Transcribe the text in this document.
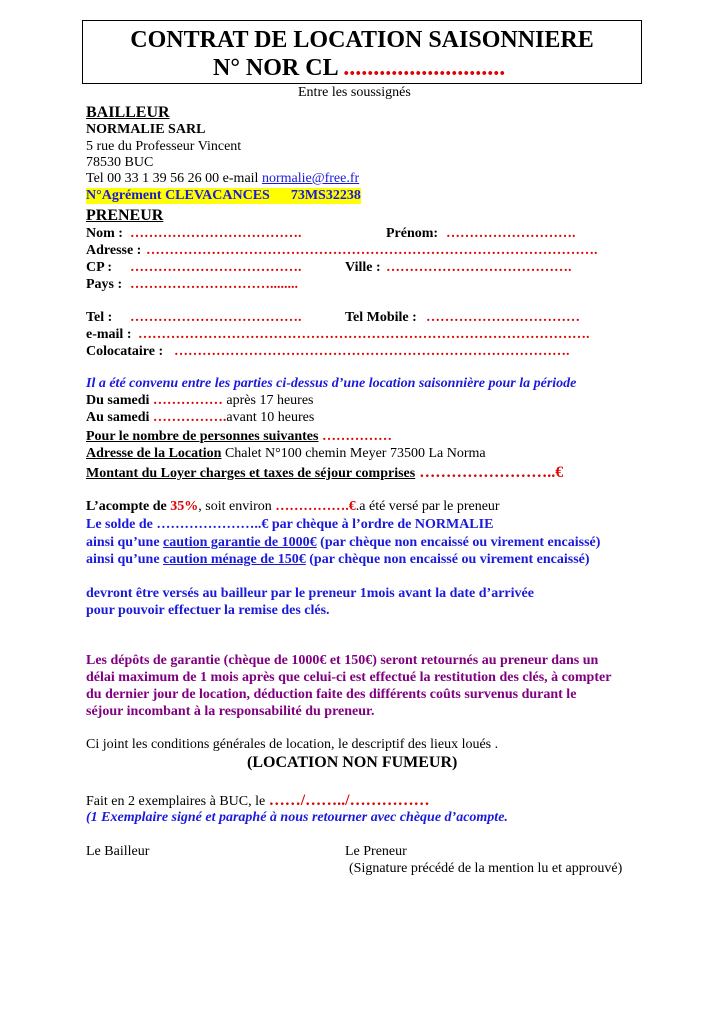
CONTRAT DE LOCATION SAISONNIERE
N° NOR CL ...........................
Entre les soussignés
BAILLEUR
NORMALIE SARL
5 rue du Professeur Vincent
78530 BUC
Tel 00 33 1 39 56 26 00 e-mail normalie@free.fr
N°Agrément CLEVACANCES 73MS32238
PRENEUR
Nom : ……………………………….	Prénom: ……………………….
Adresse : …………………………………………………………………………………….
CP : ……………………………….	Ville : ………………………………….
Pays : …………………………........
Tel : ……………………………….	Tel Mobile : ……………………………
e-mail : …………………………………………………………………………………….
Colocataire : ………………………………………………………………………….
Il a été convenu entre les parties ci-dessus d’une location saisonnière pour la période
Du samedi …………… après 17 heures
Au samedi …………….avant 10 heures
Pour le nombre de personnes suivantes ……………
Adresse de la Location Chalet N°100 chemin Meyer 73500 La Norma
Montant du Loyer charges et taxes de séjour comprises ……………………..€
L’acompte de 35%, soit environ …………….€.a été versé par le preneur
Le solde de …………………..€ par chèque à l’ordre de NORMALIE
ainsi qu’une caution garantie de 1000€ (par chèque non encaissé ou virement encaissé)
ainsi qu’une caution ménage de 150€ (par chèque non encaissé ou virement encaissé)
devront être versés au bailleur par le preneur 1mois avant la date d’arrivée
pour pouvoir effectuer la remise des clés.
Les dépôts de garantie (chèque de 1000€ et 150€) seront retournés au preneur dans un
délai maximum de 1 mois après que celui-ci est effectué la restitution des clés, à compter
du dernier jour de location, déduction faite des différents coûts survenus durant le
séjour incombant à la responsabilité du preneur.
Ci joint les conditions générales de location, le descriptif des lieux loués .
(LOCATION NON FUMEUR)
Fait en 2 exemplaires à BUC, le ……/……../……………
(1 Exemplaire signé et paraphé à nous retourner avec chèque d’acompte.
Le Bailleur	Le Preneur
(Signature précédé de la mention lu et approuvé)
